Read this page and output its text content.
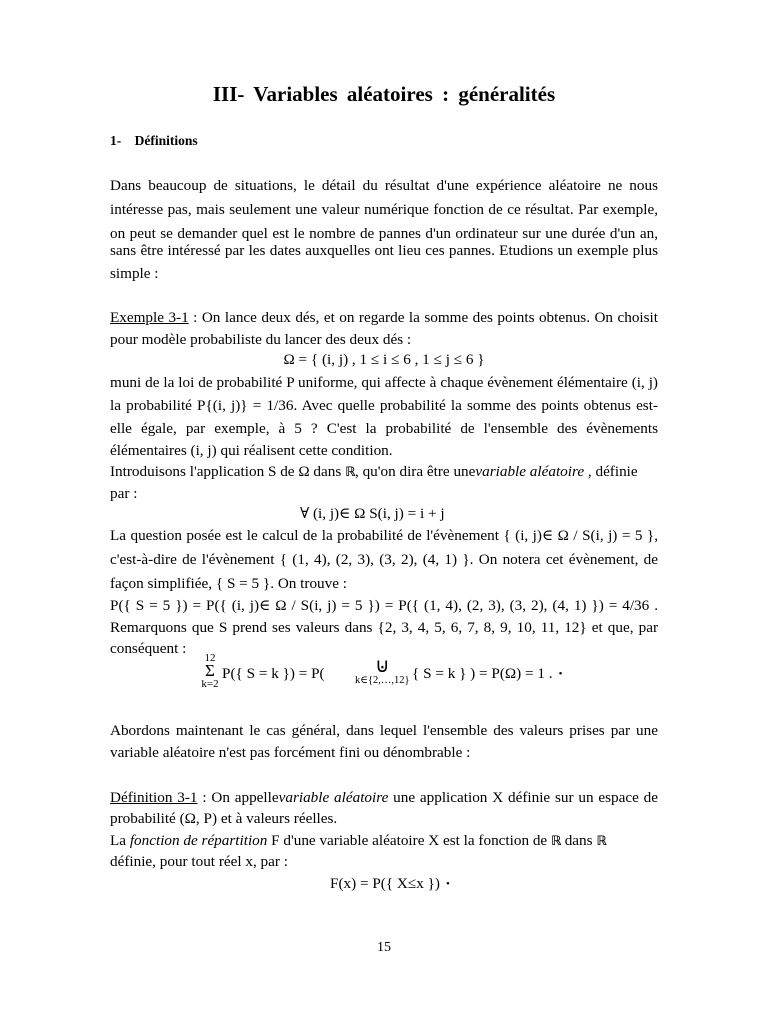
III- Variables aléatoires : généralités
1- Définitions
Dans beaucoup de situations, le détail du résultat d'une expérience aléatoire ne nous
intéresse pas, mais seulement une valeur numérique fonction de ce résultat. Par exemple,
on peut se demander quel est le nombre de pannes d'un ordinateur sur une durée d'un an,
sans être intéressé par les dates auxquelles ont lieu ces pannes. Etudions un exemple plus
simple :
Exemple 3-1 : On lance deux dés, et on regarde la somme des points obtenus. On choisit
pour modèle probabiliste du lancer des deux dés :
Ω = { (i, j) , 1 ≤ i ≤ 6 , 1 ≤ j ≤ 6 }
muni de la loi de probabilité P uniforme, qui affecte à chaque évènement élémentaire (i, j)
la probabilité P{(i, j)} = 1/36. Avec quelle probabilité la somme des points obtenus est-
elle égale, par exemple, à 5 ? C'est la probabilité de l'ensemble des évènements
élémentaires (i, j) qui réalisent cette condition.
Introduisons l'application S de Ω dans ℝ, qu'on dira être unevariable aléatoire , définie
par :
∀ (i, j)∈ Ω S(i, j) = i + j
La question posée est le calcul de la probabilité de l'évènement { (i, j)∈ Ω / S(i, j) = 5 },
c'est-à-dire de l'évènement { (1, 4), (2, 3), (3, 2), (4, 1) }. On notera cet évènement, de
façon simplifiée, { S = 5 }. On trouve :
P({ S = 5 }) = P({ (i, j)∈ Ω / S(i, j) = 5 }) = P({ (1, 4), (2, 3), (3, 2), (4, 1) }) = 4/36 .
Remarquons que S prend ses valeurs dans {2, 3, 4, 5, 6, 7, 8, 9, 10, 11, 12} et que, par
conséquent :
12
Σ
k=2
P({ S = k }) = P(	⊍
k∈{2,…,12} { S = k } ) = P(Ω) = 1 . •
Abordons maintenant le cas général, dans lequel l'ensemble des valeurs prises par une
variable aléatoire n'est pas forcément fini ou dénombrable :
Définition 3-1 : On appellevariable aléatoire une application X définie sur un espace de
probabilité (Ω, P) et à valeurs réelles.
La fonction de répartition F d'une variable aléatoire X est la fonction de ℝ dans ℝ
définie, pour tout réel x, par :
F(x) = P({ X≤x }) •
15
